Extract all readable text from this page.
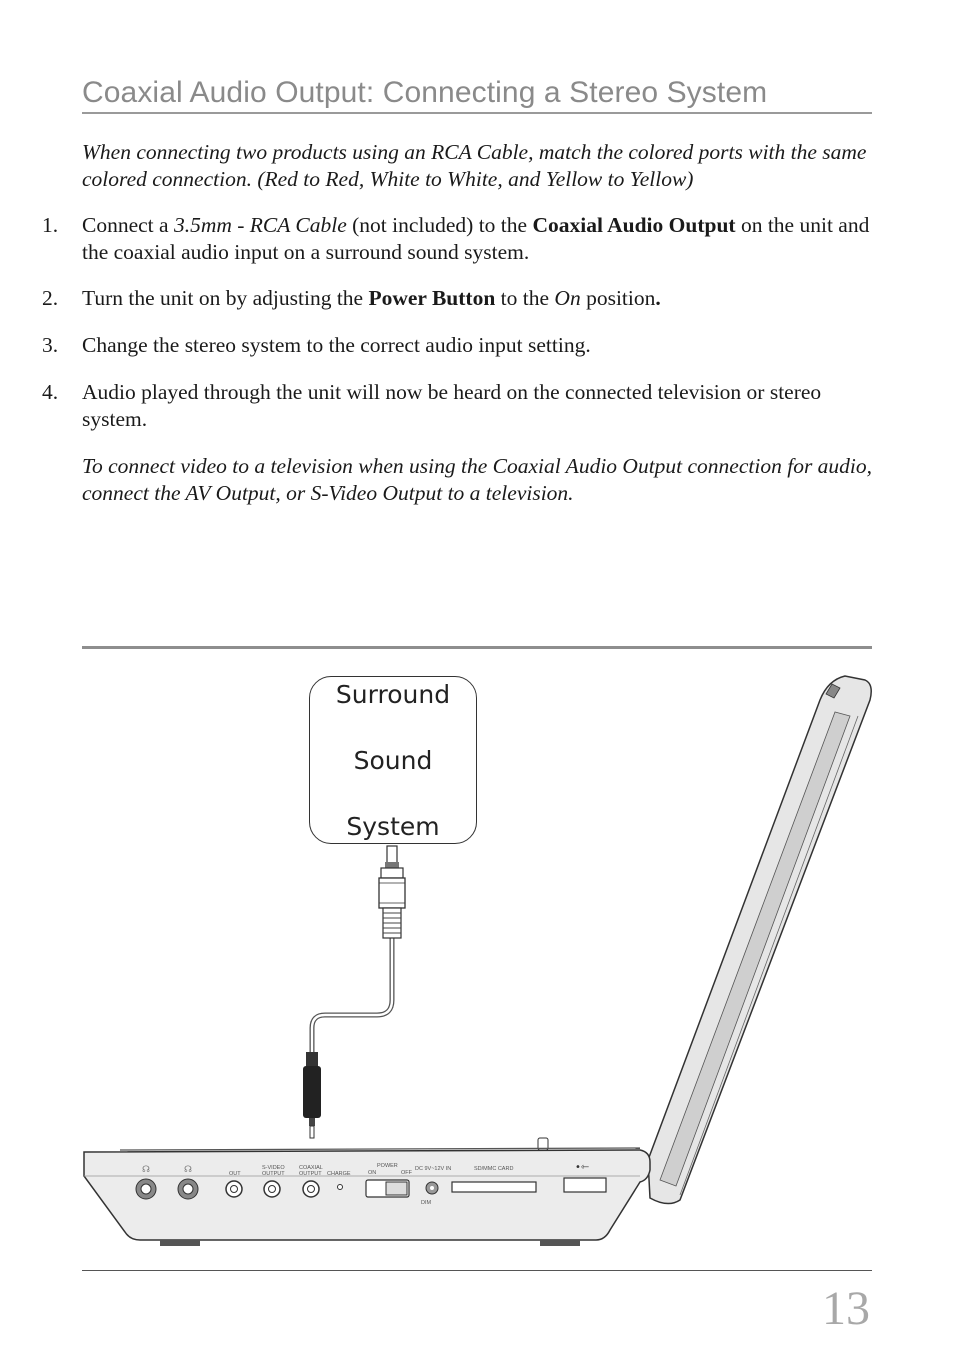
Coaxial Audio Output: Connecting a Stereo System
When connecting two products using an RCA Cable, match the colored ports with the same colored connection. (Red to Red, White to White, and Yellow to Yellow)
1. Connect a 3.5mm - RCA Cable (not included) to the Coaxial Audio Output on the unit and the coaxial audio input on a surround sound system.
2. Turn the unit on by adjusting the Power Button to the On position.
3. Change the stereo system to the correct audio input setting.
4. Audio played through the unit will now be heard on the connected television or stereo system.
To connect video to a television when using the Coaxial Audio Output connection for audio, connect the AV Output, or S-Video Output to a television.
☊	☊	•⇽
OUT
S-VIDEO
OUTPUT
COAXIAL
OUTPUT CHARGE
POWER
ON	OFF
DC 9V~12V IN	SD/MMC CARD
DIM
Surround

Sound

System
13
